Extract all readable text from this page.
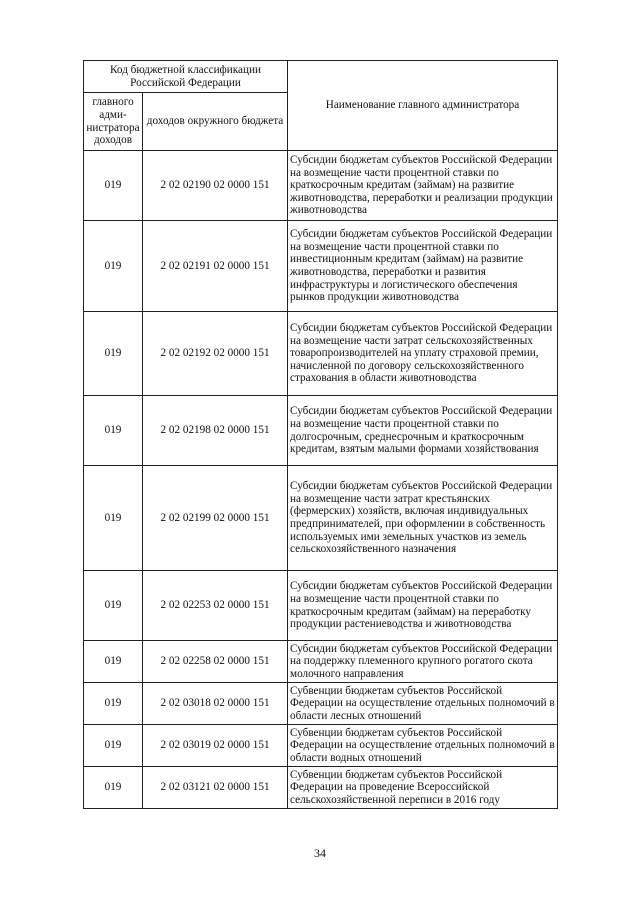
Код бюджетной классификации Российской Федерации		Наименование главного администратора
главного адми-нистратора доходов	доходов окружного бюджета	
019	2 02 02190 02 0000 151	Субсидии бюджетам субъектов Российской Федерации на возмещение части процентной ставки по краткосрочным кредитам (займам) на развитие животноводства, переработки и реализации продукции животноводства
019	2 02 02191 02 0000 151	Субсидии бюджетам субъектов Российской Федерации на возмещение части процентной ставки по инвестиционным кредитам (займам) на развитие животноводства, переработки и развития инфраструктуры и логистического обеспечения рынков продукции животноводства
019	2 02 02192 02 0000 151	Субсидии бюджетам субъектов Российской Федерации на возмещение части затрат сельскохозяйственных товаропроизводителей на уплату страховой премии, начисленной по договору сельскохозяйственного страхования в области животноводства
019	2 02 02198 02 0000 151	Субсидии бюджетам субъектов Российской Федерации на возмещение части процентной ставки по долгосрочным, среднесрочным и краткосрочным кредитам, взятым малыми формами хозяйствования
019	2 02 02199 02 0000 151	Субсидии бюджетам субъектов Российской Федерации на возмещение части затрат крестьянских (фермерских) хозяйств, включая индивидуальных предпринимателей, при оформлении в собственность используемых ими земельных участков из земель сельскохозяйственного назначения
019	2 02 02253 02 0000 151	Субсидии бюджетам субъектов Российской Федерации на возмещение части процентной ставки по краткосрочным кредитам (займам) на переработку продукции растениеводства и животноводства
019	2 02 02258 02 0000 151	Субсидии бюджетам субъектов Российской Федерации на поддержку племенного крупного рогатого скота молочного направления
019	2 02 03018 02 0000 151	Субвенции бюджетам субъектов Российской Федерации на осуществление отдельных полномочий в области лесных отношений
019	2 02 03019 02 0000 151	Субвенции бюджетам субъектов Российской Федерации на осуществление отдельных полномочий в области водных отношений
019	2 02 03121 02 0000 151	Субвенции бюджетам субъектов Российской Федерации на проведение Всероссийской сельскохозяйственной переписи в 2016 году
34
